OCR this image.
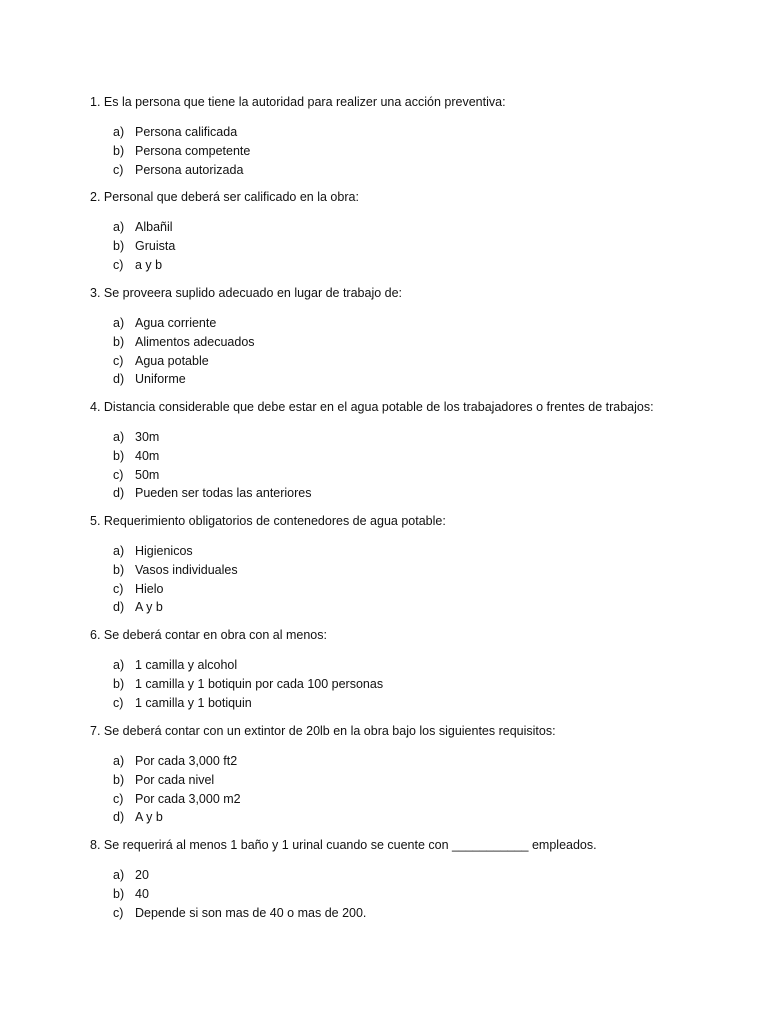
1. Es la persona que tiene la autoridad para realizer una acción preventiva:

a) Persona calificada
b) Persona competente
c) Persona autorizada

2. Personal que deberá ser calificado en la obra:

a) Albañil
b) Gruista
c) a y b

3. Se proveera suplido adecuado en lugar de trabajo de:

a) Agua corriente
b) Alimentos adecuados
c) Agua potable
d) Uniforme

4. Distancia considerable que debe estar en el agua potable de los trabajadores o frentes de trabajos:

a) 30m
b) 40m
c) 50m
d) Pueden ser todas las anteriores

5. Requerimiento obligatorios de contenedores de agua potable:

a) Higienicos
b) Vasos individuales
c) Hielo
d) A y b

6. Se deberá contar en obra con al menos:

a) 1 camilla y alcohol
b) 1 camilla y 1 botiquin por cada 100 personas
c) 1 camilla y 1 botiquin

7. Se deberá contar con un extintor de 20lb en la obra bajo los siguientes requisitos:

a) Por cada 3,000 ft2
b) Por cada nivel
c) Por cada 3,000 m2
d) A y b

8. Se requerirá al menos 1 baño y 1 urinal cuando se cuente con ___________ empleados.

a) 20
b) 40
c) Depende si son mas de 40 o mas de 200.
